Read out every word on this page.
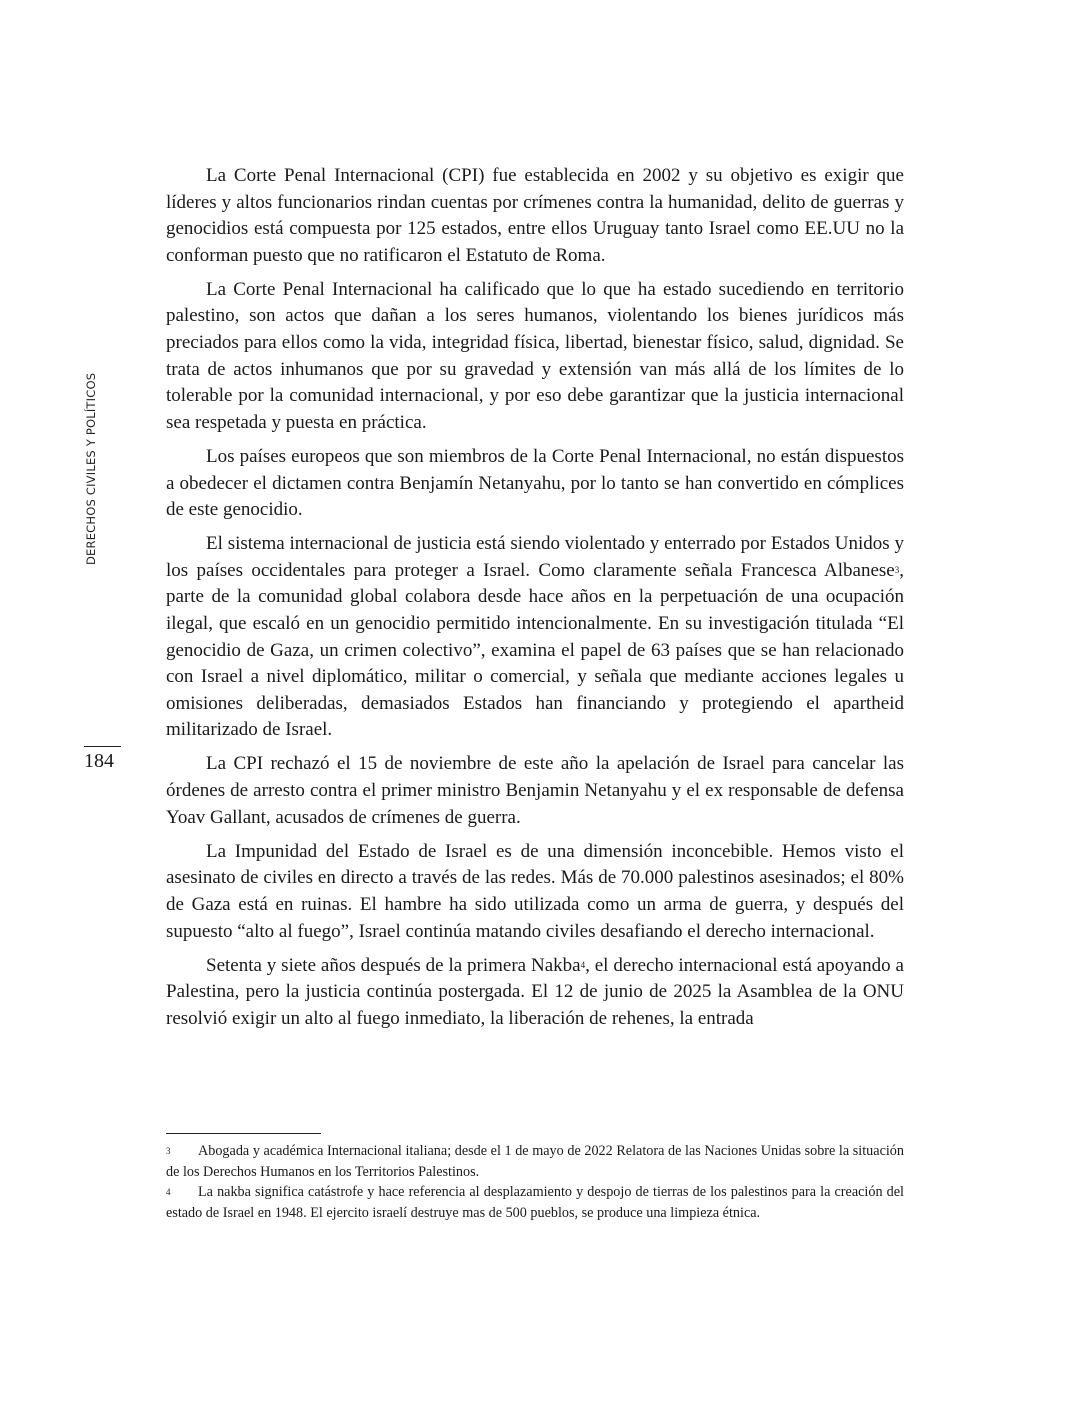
DERECHOS CIVILES Y POLÍTICOS
184

La Corte Penal Internacional (CPI) fue establecida en 2002 y su objetivo es exigir que líderes y altos funcionarios rindan cuentas por crímenes contra la humanidad, delito de guerras y genocidios está compuesta por 125 estados, entre ellos Uruguay tanto Israel como EE.UU no la conforman puesto que no ratificaron el Estatuto de Roma.

La Corte Penal Internacional ha calificado que lo que ha estado sucediendo en territorio palestino, son actos que dañan a los seres humanos, violentando los bienes jurídicos más preciados para ellos como la vida, integridad física, libertad, bienestar físico, salud, dignidad. Se trata de actos inhumanos que por su gravedad y extensión van más allá de los límites de lo tolerable por la comunidad internacional, y por eso debe garantizar que la justicia internacional sea respetada y puesta en práctica.

Los países europeos que son miembros de la Corte Penal Internacional, no están dispuestos a obedecer el dictamen contra Benjamín Netanyahu, por lo tanto se han convertido en cómplices de este genocidio.

El sistema internacional de justicia está siendo violentado y enterrado por Estados Unidos y los países occidentales para proteger a Israel. Como claramente señala Francesca Albanese$^3$, parte de la comunidad global colabora desde hace años en la perpetuación de una ocupación ilegal, que escaló en un genocidio permitido intencionalmente. En su investigación titulada “El genocidio de Gaza, un crimen colectivo”, examina el papel de 63 países que se han relacionado con Israel a nivel diplomático, militar o comercial, y señala que mediante acciones legales u omisiones deliberadas, demasiados Estados han financiando y protegiendo el apartheid militarizado de Israel.

La CPI rechazó el 15 de noviembre de este año la apelación de Israel para cancelar las órdenes de arresto contra el primer ministro Benjamin Netanyahu y el ex responsable de defensa Yoav Gallant, acusados de crímenes de guerra.

La Impunidad del Estado de Israel es de una dimensión inconcebible. Hemos visto el asesinato de civiles en directo a través de las redes. Más de 70.000 palestinos asesinados; el 80% de Gaza está en ruinas. El hambre ha sido utilizada como un arma de guerra, y después del supuesto “alto al fuego”, Israel continúa matando civiles desafiando el derecho internacional.

Setenta y siete años después de la primera Nakba$^4$, el derecho internacional está apoyando a Palestina, pero la justicia continúa postergada. El 12 de junio de 2025 la Asamblea de la ONU resolvió exigir un alto al fuego inmediato, la liberación de rehenes, la entrada

3 Abogada y académica Internacional italiana; desde el 1 de mayo de 2022 Relatora de las Naciones Unidas sobre la situación de los Derechos Humanos en los Territorios Palestinos.

4 La nakba significa catástrofe y hace referencia al desplazamiento y despojo de tierras de los palestinos para la creación del estado de Israel en 1948. El ejercito israelí destruye mas de 500 pueblos, se produce una limpieza étnica.
